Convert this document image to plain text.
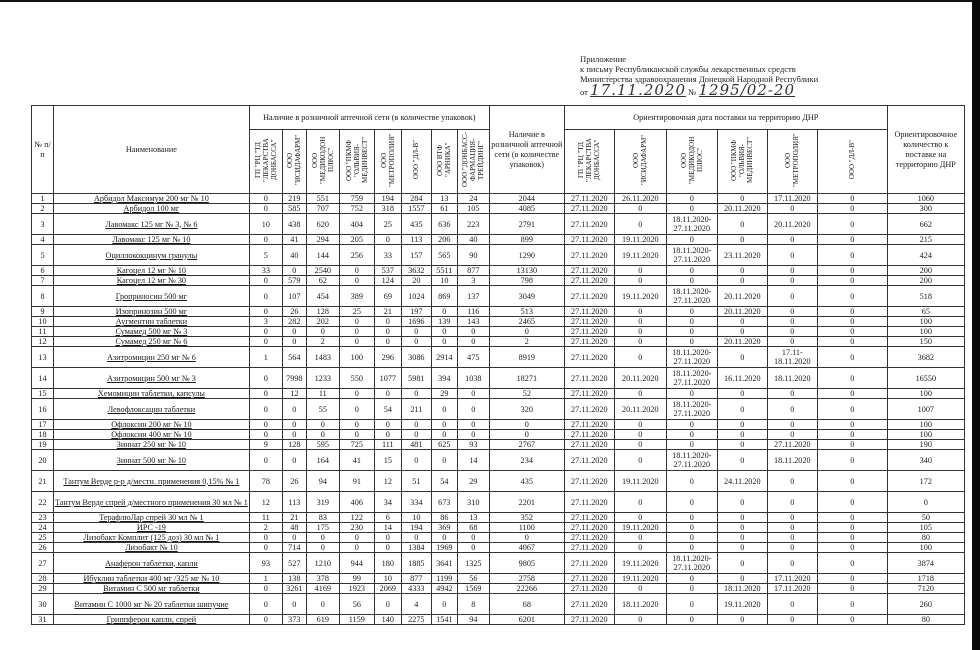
Приложение
к письму Республиканской службы лекарственных средств
Министерства здравоохранения Донецкой Народной Республики
от 17.11.2020 № 1295/02-20
№ п/п	Наименование	Наличие в розничной аптечной сети (в количестве упаковок)								Наличие в розничной аптечной сети (в количестве упаковок)	Ориентировочная дата поставки на территорию ДНР						Ориентировочное количество к поставке на территорию ДНР
		ГП "РЦ "ТД "ЛЕКАРСТВА ДОНБАССА"	ООО "ИСИДАФАРМ"	ООО "МЕДИКОДОН ПЛЮС"	ООО "ПКМФ "ОЛЬВИЯ-МЕДИНВЕСТ"	ООО "МЕТРОПОЛИЯ"	ООО "ДЛ-В"	ООО ВТФ "АРНИКА"	ООО "ДОНБАСС-ФАРМАЦИЯ-ТРЕЙДИНГ"		ГП "РЦ "ТД "ЛЕКАРСТВА ДОНБАССА"	ООО "ИСИДАФАРМ"	ООО "МЕДИКОДОН ПЛЮС"	ООО "ПКМФ "ОЛЬВИЯ-МЕДИНВЕСТ"	ООО "МЕТРОПОЛИЯ"	ООО "ДЛ-В"	
1	Арбидол Максимум 200 мг № 10	0	219	551	759	194	284	13	24	2044	27.11.2020	26.11.2020	0	0	17.11.2020	0	1060
2	Арбидол 100 мг	0	585	707	752	318	1557	61	105	4085	27.11.2020	0	0	20.11.2020	0	0	300
3	Лавомакс 125 мг № 3, № 6	10	438	620	404	25	435	636	223	2791	27.11.2020	0	18.11.2020-27.11.2020	0	20.11.2020	0	662
4	Лавомакс 125 мг № 10	0	41	294	205	0	113	206	40	899	27.11.2020	19.11.2020	0	0	0	0	215
5	Оциллококцинум гранулы	5	40	144	256	33	157	565	90	1290	27.11.2020	19.11.2020	18.11.2020-27.11.2020	23.11.2020	0	0	424
6	Кагоцел 12 мг № 10	33	0	2540	0	537	3632	5511	877	13130	27.11.2020	0	0	0	0	0	200
7	Кагоцел 12 мг № 30	0	579	62	0	124	20	10	3	798	27.11.2020	0	0	0	0	0	200
8	Гроприносин 500 мг	0	107	454	389	69	1024	869	137	3049	27.11.2020	19.11.2020	18.11.2020-27.11.2020	20.11.2020	0	0	518
9	Изопринозин 500 мг	0	26	128	25	21	197	0	116	513	27.11.2020	0	0	20.11.2020	0	0	65
10	Аугментин таблетки	3	282	202	0	0	1696	139	143	2465	27.11.2020	0	0	0	0	0	100
11	Сумамед 500 мг № 3	0	0	0	0	0	0	0	0	0	27.11.2020	0	0	0	0	0	100
12	Сумамед 250 мг № 6	0	0	2	0	0	0	0	0	2	27.11.2020	0	0	20.11.2020	0	0	150
13	Азитромицин 250 мг № 6	1	564	1483	100	296	3086	2914	475	8919	27.11.2020	0	18.11.2020-27.11.2020	0	17.11-18.11.2020	0	3682
14	Азитромицин 500 мг № 3	0	7998	1233	550	1077	5981	394	1038	18271	27.11.2020	20.11.2020	18.11.2020-27.11.2020	16.11.2020	18.11.2020	0	16550
15	Хемомицин таблетки, капсулы	0	12	11	0	0	0	29	0	52	27.11.2020	0	0	0	0	0	100
16	Левофлоксацин таблетки	0	0	55	0	54	211	0	0	320	27.11.2020	20.11.2020	18.11.2020-27.11.2020	0	0	0	1007
17	Офлоксин 200 мг № 10	0	0	0	0	0	0	0	0	0	27.11.2020	0	0	0	0	0	100
18	Офлоксин 400 мг № 10	0	0	0	0	0	0	0	0	0	27.11.2020	0	0	0	0	0	100
19	Зиннат 250 мг № 10	9	128	595	725	111	481	625	93	2767	27.11.2020	0	0	0	27.11.2020	0	190
20	Зиннат 500 мг № 10	0	0	164	41	15	0	0	14	234	27.11.2020	0	18.11.2020-27.11.2020	0	18.11.2020	0	340
21	Тантум Верде р-р д/местн. применения 0,15% № 1	78	26	94	91	12	51	54	29	435	27.11.2020	19.11.2020	0	24.11.2020	0	0	172
22	Тантум Верде спрей д/местного применения 30 мл № 1	12	113	319	406	34	334	673	310	2201	27.11.2020	0	0	0	0	0	0
23	ТерафлюЛар спрей 30 мл № 1	11	21	83	122	6	10	86	13	352	27.11.2020	0	0	0	0	0	50
24	ИРС -19	2	48	175	230	14	194	369	68	1100	27.11.2020	19.11.2020	0	0	0	0	105
25	Лизобакт Комплит (125 доз) 30 мл № 1	0	0	0	0	0	0	0	0	0	27.11.2020	0	0	0	0	0	80
26	Лизобакт № 10	0	714	0	0	0	1384	1969	0	4067	27.11.2020	0	0	0	0	0	100
27	Анаферон таблетки, капли	93	527	1210	944	180	1885	3641	1325	9805	27.11.2020	19.11.2020	18.11.2020-27.11.2020	0	0	0	3874
28	Ибуклин таблетки 400 мг /325 мг № 10	1	138	378	99	10	877	1199	56	2758	27.11.2020	19.11.2020	0	0	17.11.2020	0	1718
29	Витамин С 500 мг таблетки	0	3261	4169	1923	2069	4333	4942	1569	22266	27.11.2020	0	0	18.11.2020	17.11.2020	0	7120
30	Витамин С 1000 мг № 20 таблетки шипучие	0	0	0	56	0	4	0	8	68	27.11.2020	18.11.2020	0	19.11.2020	0	0	260
31	Гриппферон капли, спрей	0	373	619	1159	140	2275	1541	94	6201	27.11.2020	0	0	0	0	0	80
